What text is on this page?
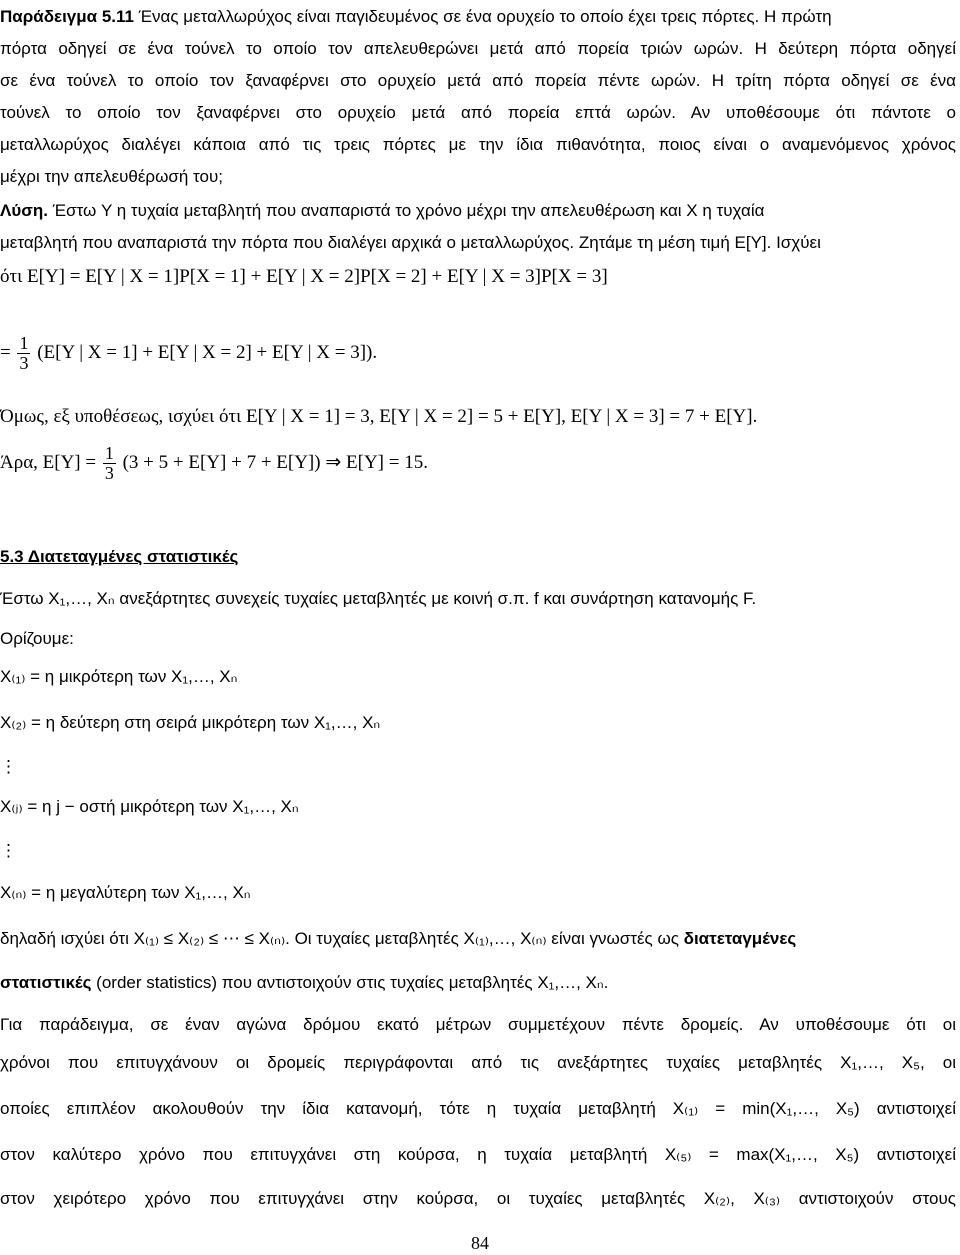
Παράδειγμα 5.11 Ένας μεταλλωρύχος είναι παγιδευμένος σε ένα ορυχείο το οποίο έχει τρεις πόρτες. Η πρώτη
πόρτα οδηγεί σε ένα τούνελ το οποίο τον απελευθερώνει μετά από πορεία τριών ωρών. Η δεύτερη πόρτα οδηγεί
σε ένα τούνελ το οποίο τον ξαναφέρνει στο ορυχείο μετά από πορεία πέντε ωρών. Η τρίτη πόρτα οδηγεί σε ένα
τούνελ το οποίο τον ξαναφέρνει στο ορυχείο μετά από πορεία επτά ωρών. Αν υποθέσουμε ότι πάντοτε ο
μεταλλωρύχος διαλέγει κάποια από τις τρεις πόρτες με την ίδια πιθανότητα, ποιος είναι ο αναμενόμενος χρόνος
μέχρι την απελευθέρωσή του;
Λύση. Έστω Y η τυχαία μεταβλητή που αναπαριστά το χρόνο μέχρι την απελευθέρωση και X η τυχαία
μεταβλητή που αναπαριστά την πόρτα που διαλέγει αρχικά ο μεταλλωρύχος. Ζητάμε τη μέση τιμή E[Y]. Ισχύει
ότι E[Y] = E[Y | X = 1]P[X = 1] + E[Y | X = 2]P[X = 2] + E[Y | X = 3]P[X = 3]
= $\frac{1}{3} (E[Y$ | X = 1] + E[Y | X = 2] + E[Y | X = 3]).
Όμως, εξ υποθέσεως, ισχύει ότι E[Y | X = 1] = 3, E[Y | X = 2] = 5 + E[Y], E[Y | X = 3] = 7 + E[Y].
Άρα, $E[Y] = \frac{1}{3} (3 + 5 + E[Y] + 7 + E[Y])$ ⇒ E[Y] = 15.
5.3 Διατεταγμένες στατιστικές
Έστω X₁,…, Xₙ ανεξάρτητες συνεχείς τυχαίες μεταβλητές με κοινή σ.π. f και συνάρτηση κατανομής F.
Ορίζουμε:
X₍₁₎ = η μικρότερη των X₁,…, Xₙ
X₍₂₎ = η δεύτερη στη σειρά μικρότερη των X₁,…, Xₙ
⋮
X₍ⱼ₎ = η j − οστή μικρότερη των X₁,…, Xₙ
⋮
X₍ₙ₎ = η μεγαλύτερη των X₁,…, Xₙ
δηλαδή ισχύει ότι X₍₁₎ ≤ X₍₂₎ ≤ ⋯ ≤ X₍ₙ₎. Οι τυχαίες μεταβλητές X₍₁₎,…, X₍ₙ₎ είναι γνωστές ως διατεταγμένες
στατιστικές (order statistics) που αντιστοιχούν στις τυχαίες μεταβλητές X₁,…, Xₙ.
Για παράδειγμα, σε έναν αγώνα δρόμου εκατό μέτρων συμμετέχουν πέντε δρομείς. Αν υποθέσουμε ότι οι
χρόνοι που επιτυγχάνουν οι δρομείς περιγράφονται από τις ανεξάρτητες τυχαίες μεταβλητές X₁,…, X₅, οι
οποίες επιπλέον ακολουθούν την ίδια κατανομή, τότε η τυχαία μεταβλητή X₍₁₎ = min(X₁,…, X₅) αντιστοιχεί
στον καλύτερο χρόνο που επιτυγχάνει στη κούρσα, η τυχαία μεταβλητή X₍₅₎ = max(X₁,…, X₅) αντιστοιχεί
στον χειρότερο χρόνο που επιτυγχάνει στην κούρσα, οι τυχαίες μεταβλητές X₍₂₎, X₍₃₎ αντιστοιχούν στους
84
